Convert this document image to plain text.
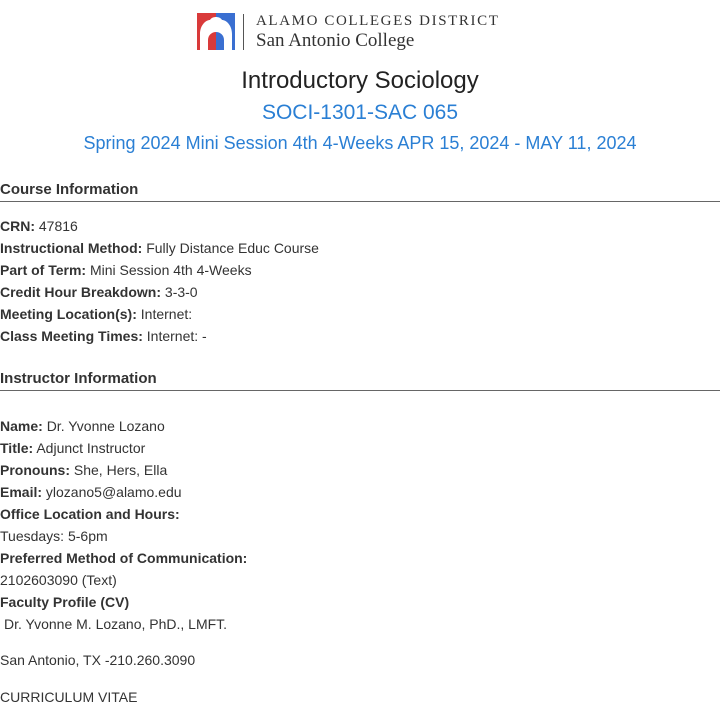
ALAMO COLLEGES DISTRICT
San Antonio College
Introductory Sociology
SOCI-1301-SAC 065
Spring 2024 Mini Session 4th 4-Weeks APR 15, 2024 - MAY 11, 2024
Course Information
CRN: 47816
Instructional Method: Fully Distance Educ Course
Part of Term: Mini Session 4th 4-Weeks
Credit Hour Breakdown: 3-3-0
Meeting Location(s): Internet:
Class Meeting Times: Internet: -
Instructor Information
Name: Dr. Yvonne Lozano
Title: Adjunct Instructor
Pronouns: She, Hers, Ella
Email: ylozano5@alamo.edu
Office Location and Hours:
Tuesdays: 5-6pm
Preferred Method of Communication:
2102603090 (Text)
Faculty Profile (CV)
Dr. Yvonne M. Lozano, PhD., LMFT.
San Antonio, TX -210.260.3090
CURRICULUM VITAE
